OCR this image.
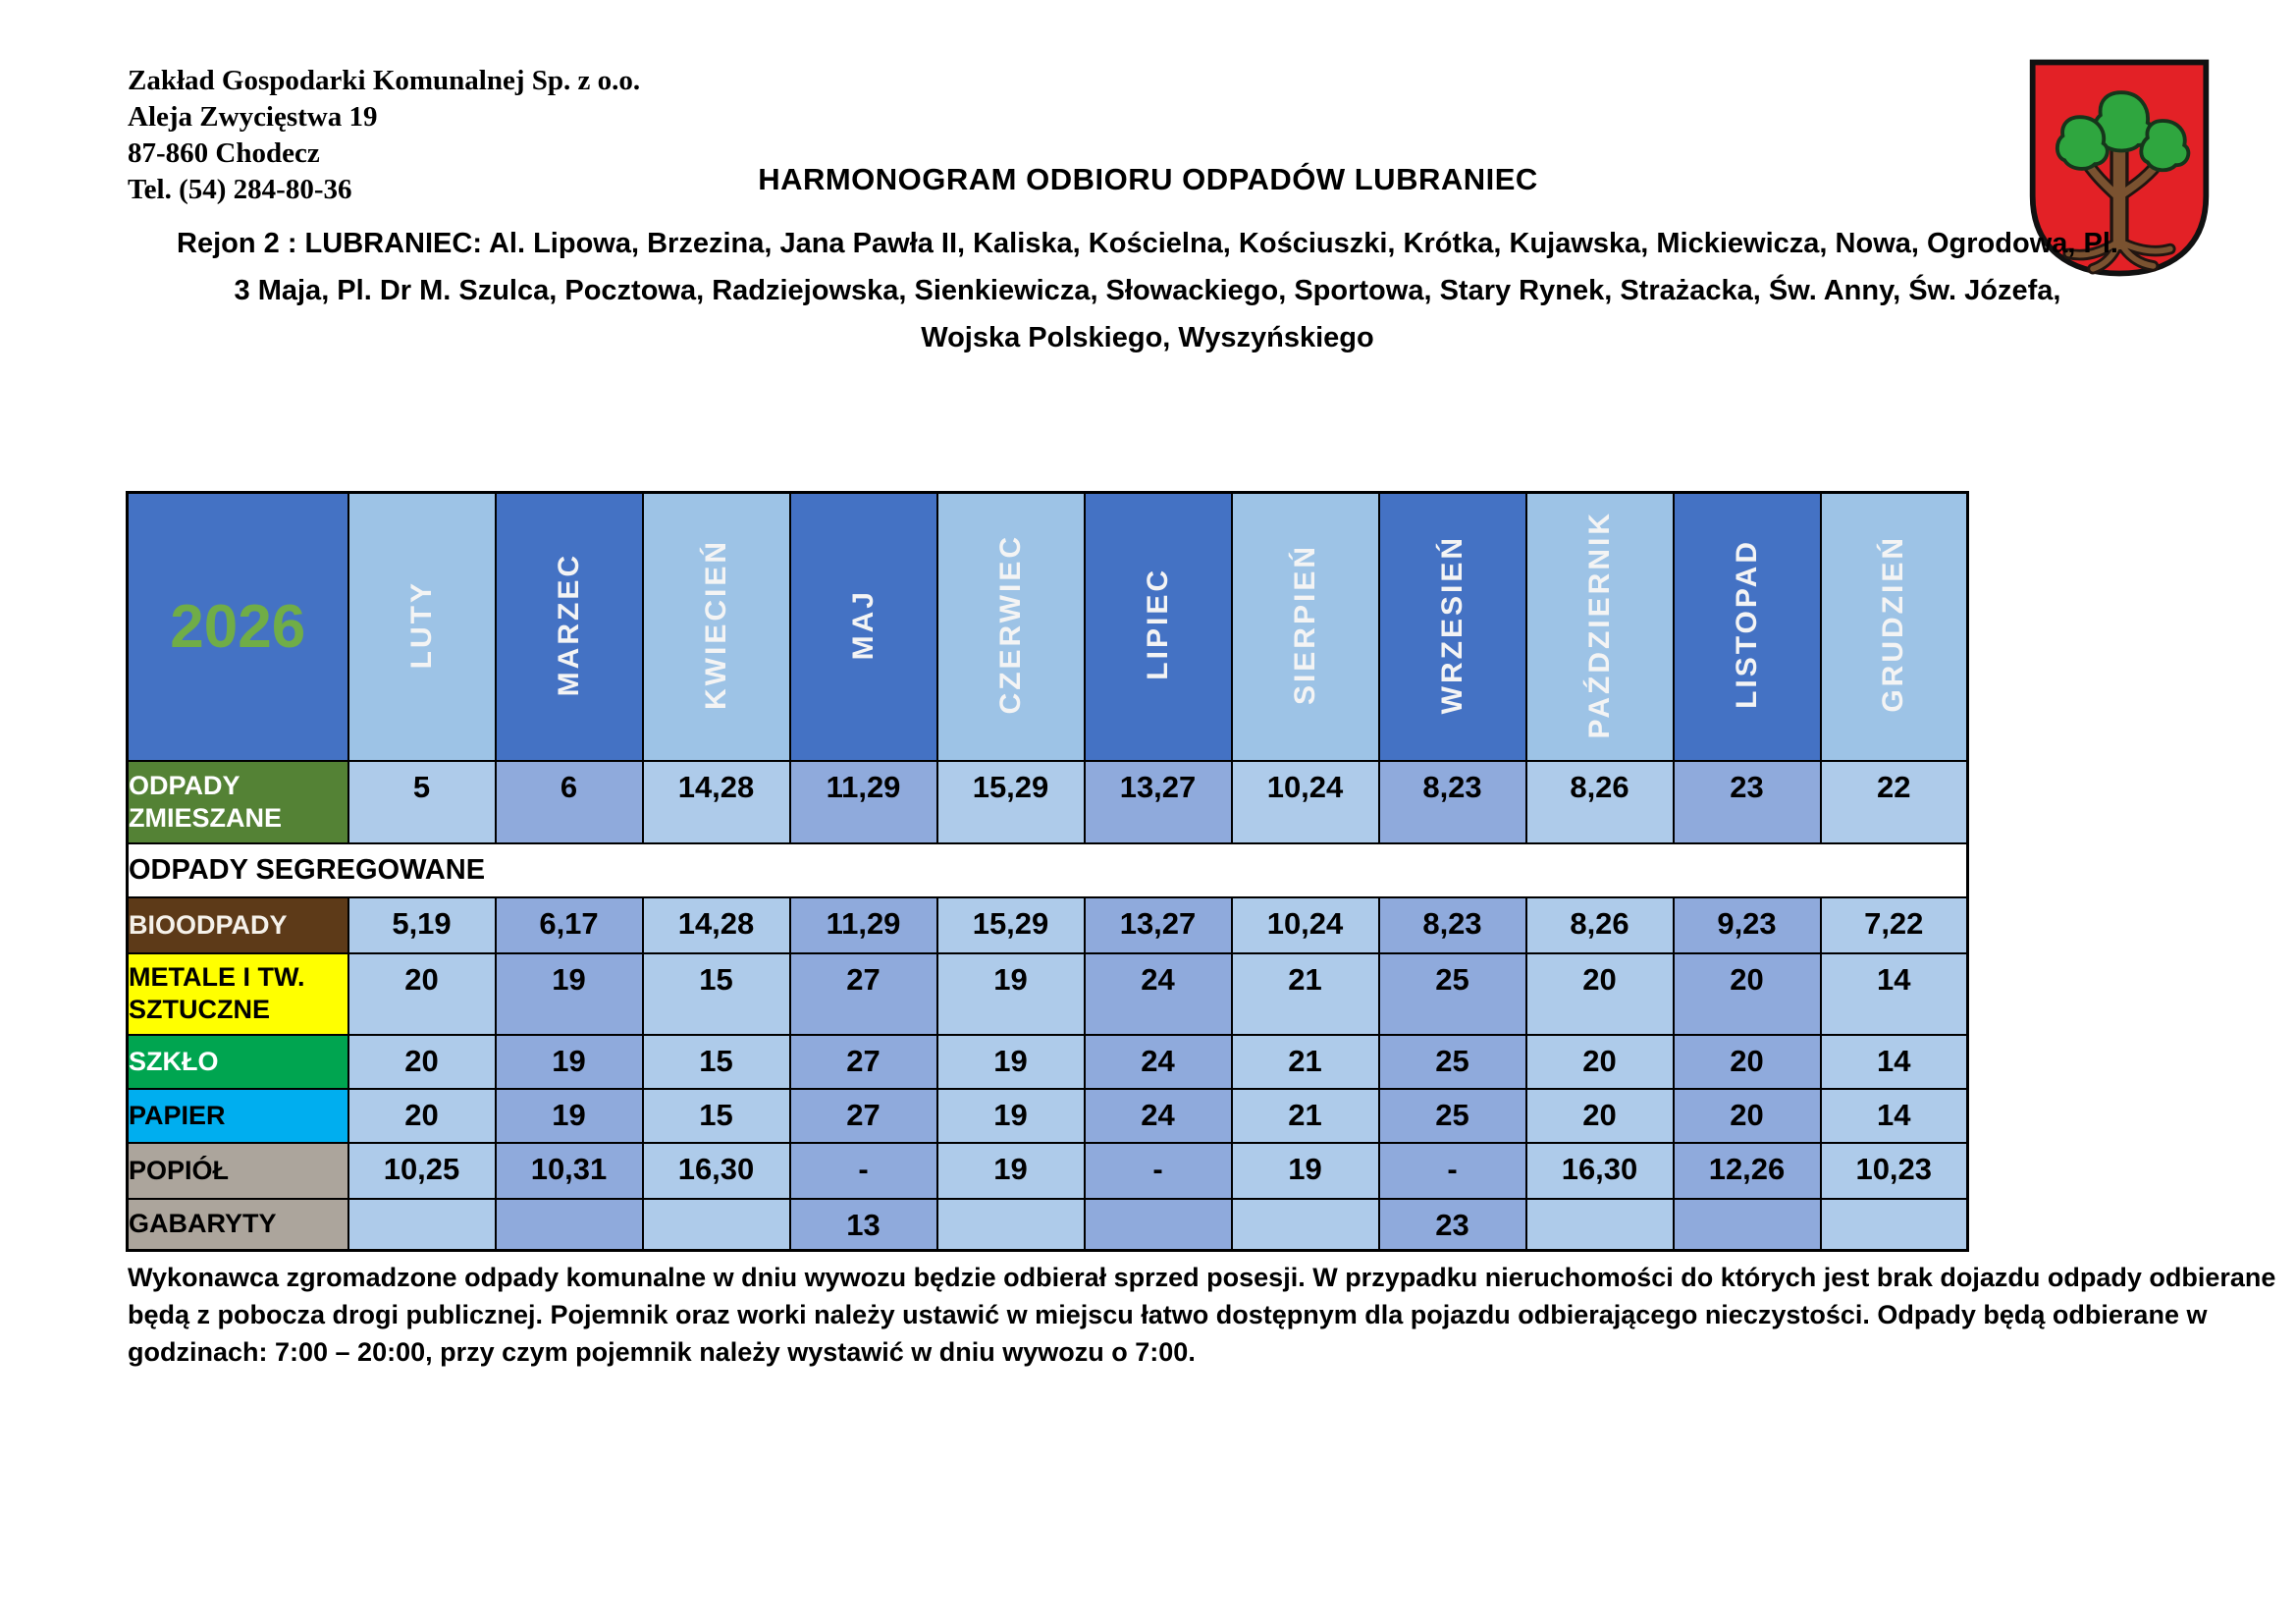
Zakład Gospodarki Komunalnej Sp. z o.o.
Aleja Zwycięstwa 19
87-860 Chodecz
Tel. (54) 284-80-36	HARMONOGRAM ODBIORU ODPADÓW LUBRANIEC
Rejon 2 : LUBRANIEC: Al. Lipowa, Brzezina, Jana Pawła II, Kaliska, Kościelna, Kościuszki, Krótka, Kujawska, Mickiewicza, Nowa, Ogrodowa, Pl.
3 Maja, Pl. Dr M. Szulca, Pocztowa, Radziejowska, Sienkiewicza, Słowackiego, Sportowa, Stary Rynek, Strażacka, Św. Anny, Św. Józefa,
Wojska Polskiego, Wyszyńskiego
2026	LUTY	MARZEC	KWIECIEŃ	MAJ	CZERWIEC	LIPIEC	SIERPIEŃ	WRZESIEŃ	PAŹDZIERNIK	LISTOPAD	GRUDZIEŃ
ODPADY ZMIESZANE	5	6	14,28	11,29	15,29	13,27	10,24	8,23	8,26	23	22
ODPADY SEGREGOWANE											
BIOODPADY	5,19	6,17	14,28	11,29	15,29	13,27	10,24	8,23	8,26	9,23	7,22
METALE I TW. SZTUCZNE	20	19	15	27	19	24	21	25	20	20	14
SZKŁO	20	19	15	27	19	24	21	25	20	20	14
PAPIER	20	19	15	27	19	24	21	25	20	20	14
POPIÓŁ	10,25	10,31	16,30	-	19	-	19	-	16,30	12,26	10,23
GABARYTY				13				23			
Wykonawca zgromadzone odpady komunalne w dniu wywozu będzie odbierał sprzed posesji. W przypadku nieruchomości do których jest brak dojazdu odpady odbierane będą z pobocza drogi publicznej. Pojemnik oraz worki należy ustawić w miejscu łatwo dostępnym dla pojazdu odbierającego nieczystości. Odpady będą odbierane w godzinach: 7:00 – 20:00, przy czym pojemnik należy wystawić w dniu wywozu o 7:00.
